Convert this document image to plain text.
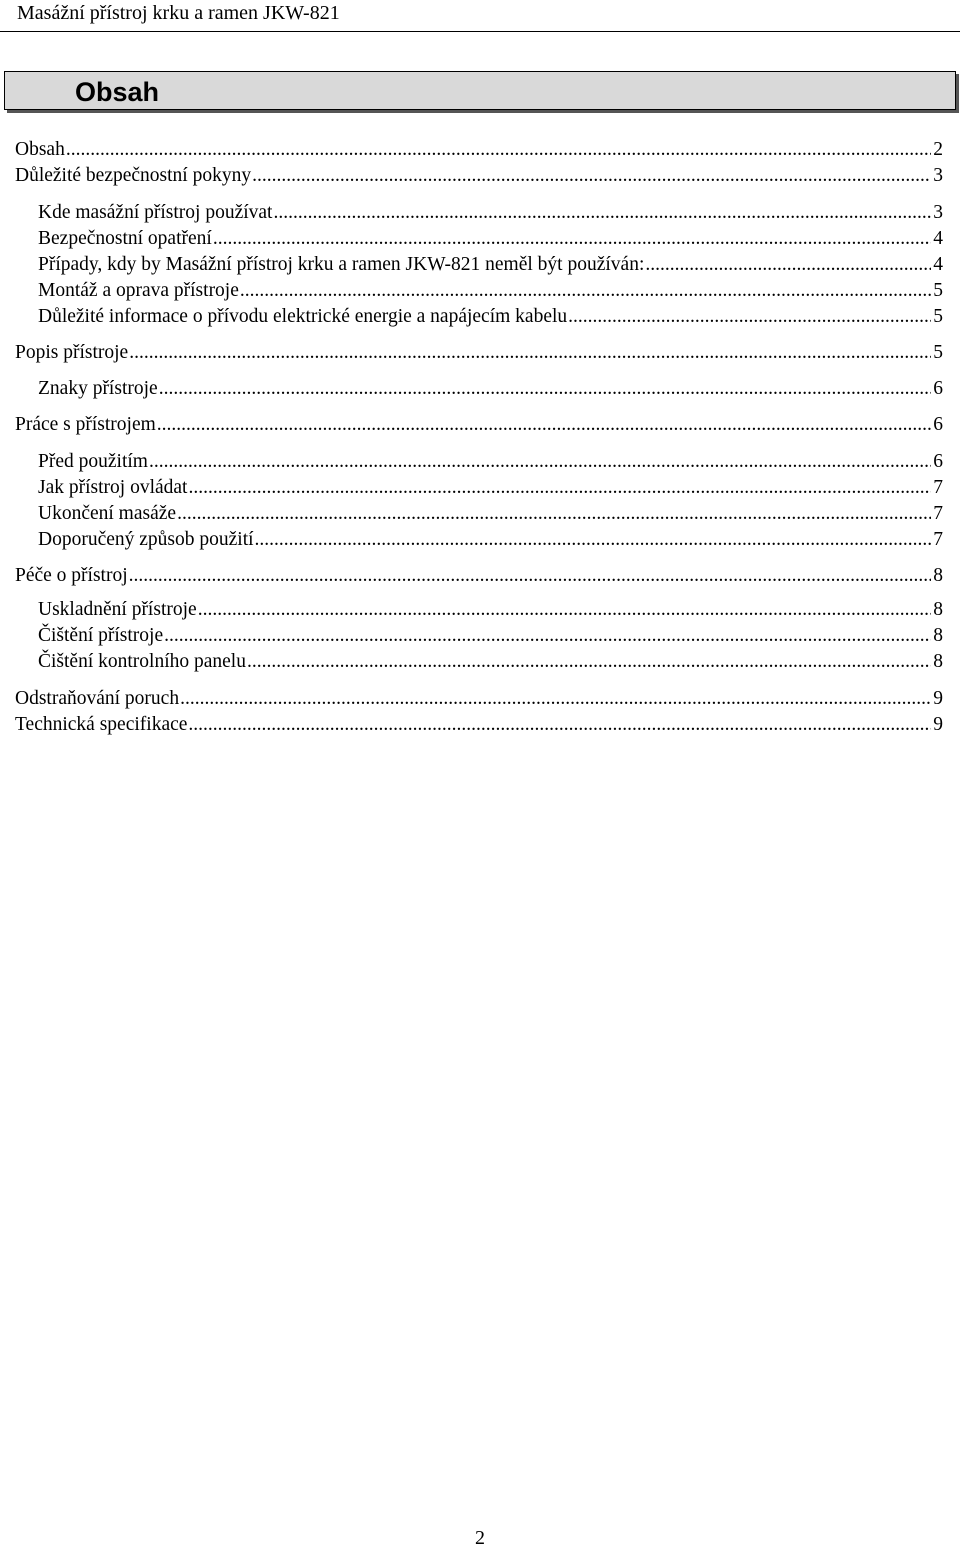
Masážní přístroj krku a ramen JKW-821
Obsah
Obsah .....	2
Důležité bezpečnostní pokyny .....	3
Kde masážní přístroj používat .....	3
Bezpečnostní opatření .....	4
Případy, kdy by Masážní přístroj krku a ramen JKW-821 neměl být používán: .....	4
Montáž a oprava přístroje .....	5
Důležité informace o přívodu elektrické energie a napájecím kabelu .....	5
Popis přístroje .....	5
Znaky přístroje .....	6
Práce s přístrojem .....	6
Před použitím .....	6
Jak přístroj ovládat .....	7
Ukončení masáže .....	7
Doporučený způsob použití .....	7
Péče o přístroj .....	8
Uskladnění přístroje .....	8
Čištění přístroje .....	8
Čištění kontrolního panelu .....	8
Odstraňování poruch .....	9
Technická specifikace .....	9
2
